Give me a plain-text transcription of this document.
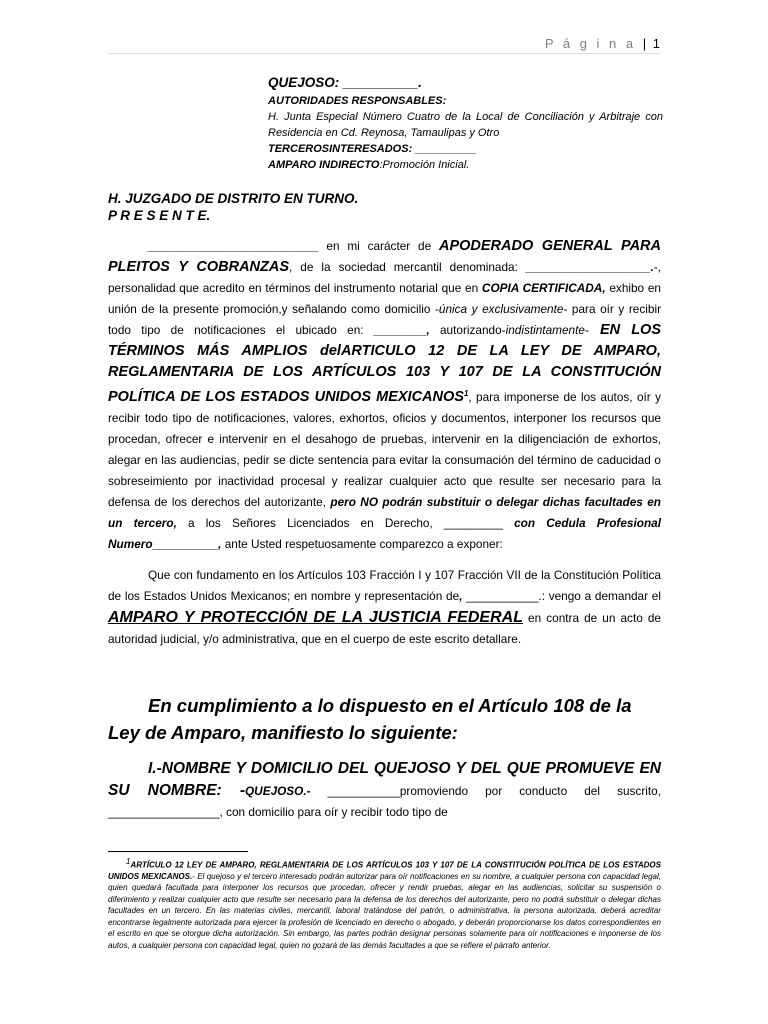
P á g i n a | 1
QUEJOSO: __________.
AUTORIDADES RESPONSABLES:
H. Junta Especial Número Cuatro de la Local de Conciliación y Arbitraje con Residencia en Cd. Reynosa, Tamaulipas y Otro
TERCEROSINTERESADOS: __________
AMPARO INDIRECTO:Promoción Inicial.
H. JUZGADO DE DISTRITO EN TURNO.
P R E S E N T E.

__________________________ en mi carácter de APODERADO GENERAL PARA PLEITOS Y COBRANZAS, de la sociedad mercantil denominada: ___________________.-, personalidad que acredito en términos del instrumento notarial que en COPIA CERTIFICADA, exhibo en unión de la presente promoción,y señalando como domicilio -única y exclusivamente- para oír y recibir todo tipo de notificaciones el ubicado en: ________, autorizando-indistintamente- EN LOS TÉRMINOS MÁS AMPLIOS delARTICULO 12 DE LA LEY DE AMPARO, REGLAMENTARIA DE LOS ARTÍCULOS 103 Y 107 DE LA CONSTITUCIÓN POLÍTICA DE LOS ESTADOS UNIDOS MEXICANOS$^1$, para imponerse de los autos, oír y recibir todo tipo de notificaciones, valores, exhortos, oficios y documentos, interponer los recursos que procedan, ofrecer e intervenir en el desahogo de pruebas, intervenir en la diligenciación de exhortos, alegar en las audiencias, pedir se dicte sentencia para evitar la consumación del término de caducidad o sobreseimiento por inactividad procesal y realizar cualquier acto que resulte ser necesario para la defensa de los derechos del autorizante, pero NO podrán substituir o delegar dichas facultades en un tercero, a los Señores Licenciados en Derecho, _________ con Cedula Profesional Numero__________, ante Usted respetuosamente comparezco a exponer:

Que con fundamento en los Artículos 103 Fracción I y 107 Fracción VII de la Constitución Política de los Estados Unidos Mexicanos; en nombre y representación de, ___________.: vengo a demandar el AMPARO Y PROTECCIÓN DE LA JUSTICIA FEDERAL en contra de un acto de autoridad judicial, y/o administrativa, que en el cuerpo de este escrito detallare.

En cumplimiento a lo dispuesto en el Artículo 108 de la Ley de Amparo, manifiesto lo siguiente:
I.-NOMBRE Y DOMICILIO DEL QUEJOSO Y DEL QUE PROMUEVE EN SU NOMBRE: -QUEJOSO.- ___________promoviendo por conducto del suscrito, _________________, con domicilio para oír y recibir todo tipo de
$^1$ARTÍCULO 12 LEY DE AMPARO, REGLAMENTARIA DE LOS ARTÍCULOS 103 Y 107 DE LA CONSTITUCIÓN POLÍTICA DE LOS ESTADOS UNIDOS MEXICANOS.- El quejoso y el tercero interesado podrán autorizar para oír notificaciones en su nombre, a cualquier persona con capacidad legal, quien quedará facultada para interponer los recursos que procedan, ofrecer y rendir pruebas, alegar en las audiencias, solicitar su suspensión o diferimiento y realizar cualquier acto que resulte ser necesario para la defensa de los derechos del autorizante, pero no podrá substituir o delegar dichas facultades en un tercero. En las materias civiles, mercantil, laboral tratándose del patrón, o administrativa, la persona autorizada, deberá acreditar encontrarse legalmente autorizada para ejercer la profesión de licenciado en derecho o abogado, y deberán proporcionarse los datos correspondientes en el escrito en que se otorgue dicha autorización. Sin embargo, las partes podrán designar personas solamente para oír notificaciones e imponerse de los autos, a cualquier persona con capacidad legal, quien no gozará de las demás facultades a que se refiere el párrafo anterior.
